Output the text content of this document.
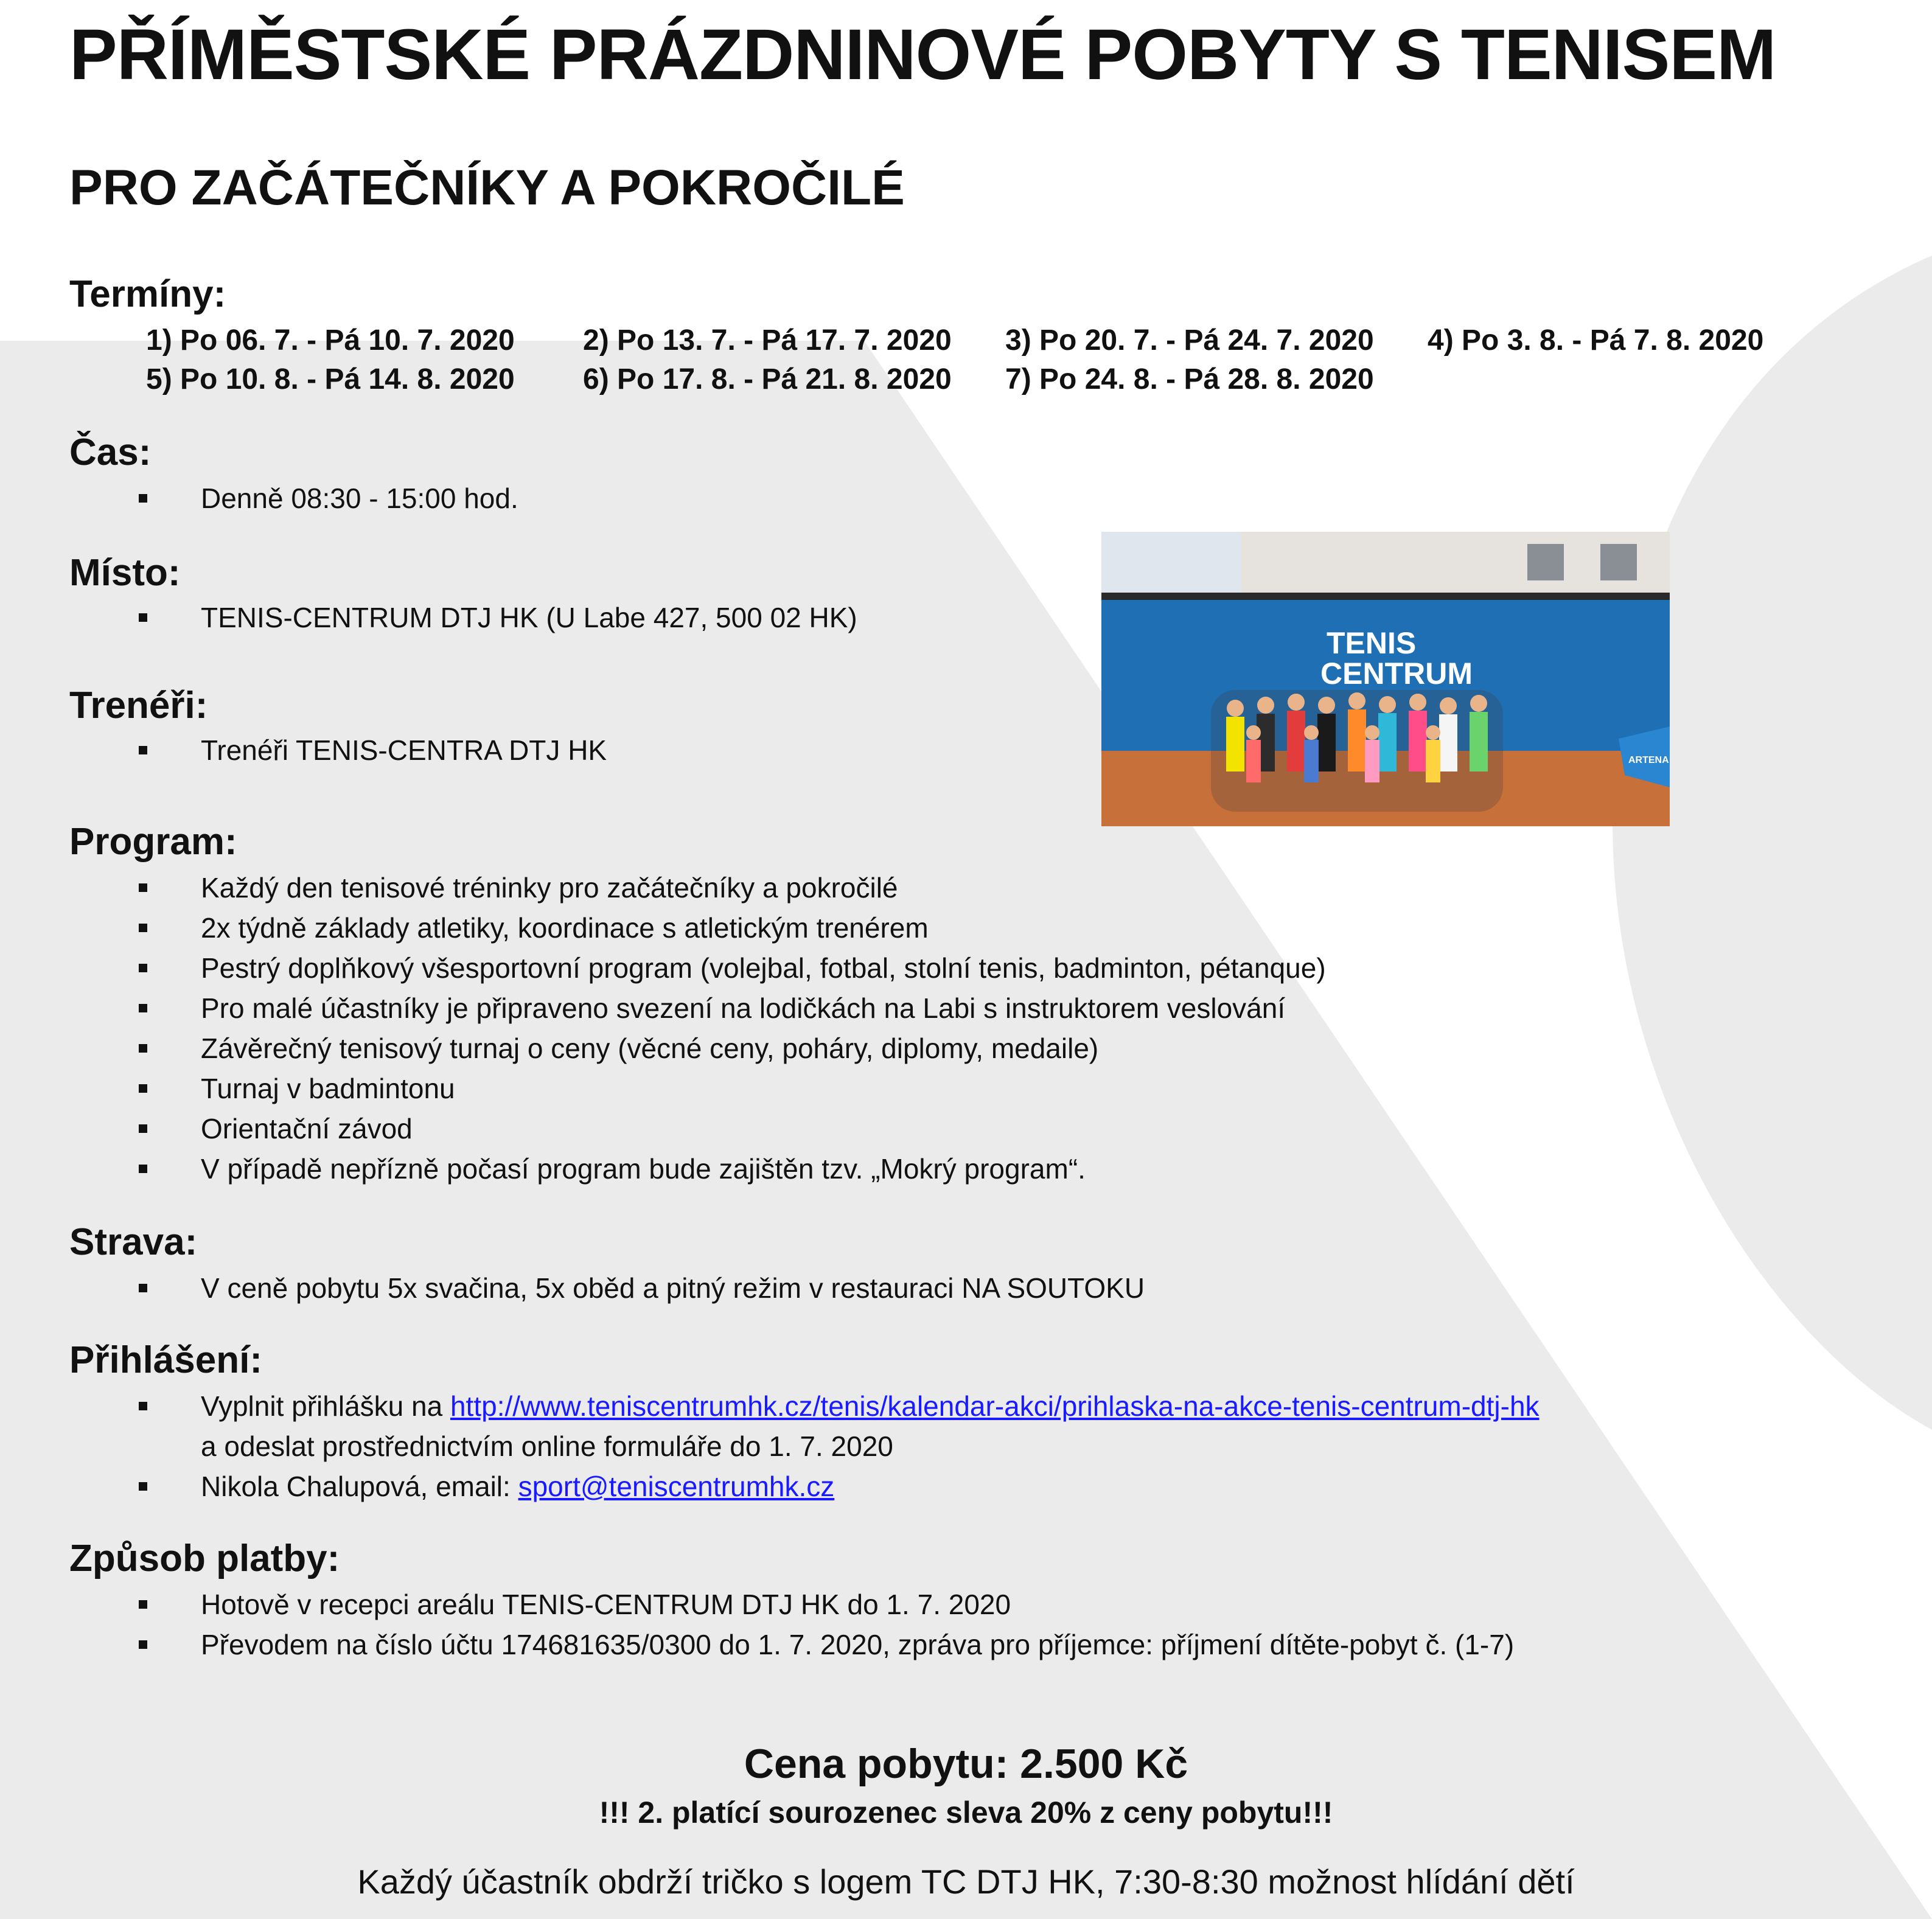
PŘÍMĚSTSKÉ PRÁZDNINOVÉ POBYTY S TENISEM
PRO ZAČÁTEČNÍKY A POKROČILÉ
Termíny:
1) Po 06. 7. - Pá 10. 7. 2020 2) Po 13. 7. - Pá 17. 7. 2020 3) Po 20. 7. - Pá 24. 7. 2020 4) Po 3. 8. - Pá 7. 8. 2020
5) Po 10. 8. - Pá 14. 8. 2020 6) Po 17. 8. - Pá 21. 8. 2020 7) Po 24. 8. - Pá 28. 8. 2020
Čas:
Denně 08:30 - 15:00 hod.
Místo:
TENIS-CENTRUM DTJ HK (U Labe 427, 500 02 HK)
Trenéři:
Trenéři TENIS-CENTRA DTJ HK
TENIS
CENTRUM
ARTENA
Program:
Každý den tenisové tréninky pro začátečníky a pokročilé
2x týdně základy atletiky, koordinace s atletickým trenérem
Pestrý doplňkový všesportovní program (volejbal, fotbal, stolní tenis, badminton, pétanque)
Pro malé účastníky je připraveno svezení na lodičkách na Labi s instruktorem veslování
Závěrečný tenisový turnaj o ceny (věcné ceny, poháry, diplomy, medaile)
Turnaj v badmintonu
Orientační závod
V případě nepřízně počasí program bude zajištěn tzv. „Mokrý program“.
Strava:
V ceně pobytu 5x svačina, 5x oběd a pitný režim v restauraci NA SOUTOKU
Přihlášení:
Vyplnit přihlášku na http://www.teniscentrumhk.cz/tenis/kalendar-akci/prihlaska-na-akce-tenis-centrum-dtj-hk
a odeslat prostřednictvím online formuláře do 1. 7. 2020
Nikola Chalupová, email: sport@teniscentrumhk.cz
Způsob platby:
Hotově v recepci areálu TENIS-CENTRUM DTJ HK do 1. 7. 2020
Převodem na číslo účtu 174681635/0300 do 1. 7. 2020, zpráva pro příjemce: příjmení dítěte-pobyt č. (1-7)
Cena pobytu: 2.500 Kč
!!! 2. platící sourozenec sleva 20% z ceny pobytu!!!
Každý účastník obdrží tričko s logem TC DTJ HK, 7:30-8:30 možnost hlídání dětí
